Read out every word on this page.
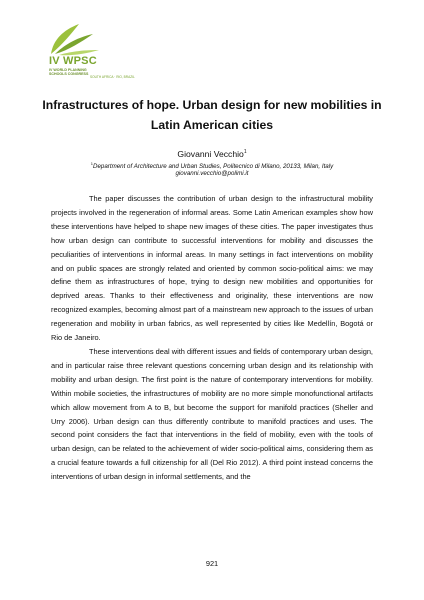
IV WPSC
IV WORLD PLANNING SCHOOLS CONGRESS
SOUTH AFRICA · RIO, BRAZIL
Infrastructures of hope. Urban design for new mobilities in Latin American cities
Giovanni Vecchio$^1$
$^1$Department of Architecture and Urban Studies, Politecnico di Milano, 20133, Milan, Italy
giovanni.vecchio@polimi.it

The paper discusses the contribution of urban design to the infrastructural mobility projects involved in the regeneration of informal areas. Some Latin American examples show how these interventions have helped to shape new images of these cities. The paper investigates thus how urban design can contribute to successful interventions for mobility and discusses the peculiarities of interventions in informal areas. In many settings in fact interventions on mobility and on public spaces are strongly related and oriented by common socio-political aims: we may define them as infrastructures of hope, trying to design new mobilities and opportunities for deprived areas. Thanks to their effectiveness and originality, these interventions are now recognized examples, becoming almost part of a mainstream new approach to the issues of urban regeneration and mobility in urban fabrics, as well represented by cities like Medellín, Bogotá or Rio de Janeiro.

These interventions deal with different issues and fields of contemporary urban design, and in particular raise three relevant questions concerning urban design and its relationship with mobility and urban design. The first point is the nature of contemporary interventions for mobility. Within mobile societies, the infrastructures of mobility are no more simple monofunctional artifacts which allow movement from A to B, but become the support for manifold practices (Sheller and Urry 2006). Urban design can thus differently contribute to manifold practices and uses. The second point considers the fact that interventions in the field of mobility, even with the tools of urban design, can be related to the achievement of wider socio-political aims, considering them as a crucial feature towards a full citizenship for all (Del Rio 2012). A third point instead concerns the interventions of urban design in informal settlements, and the

921
